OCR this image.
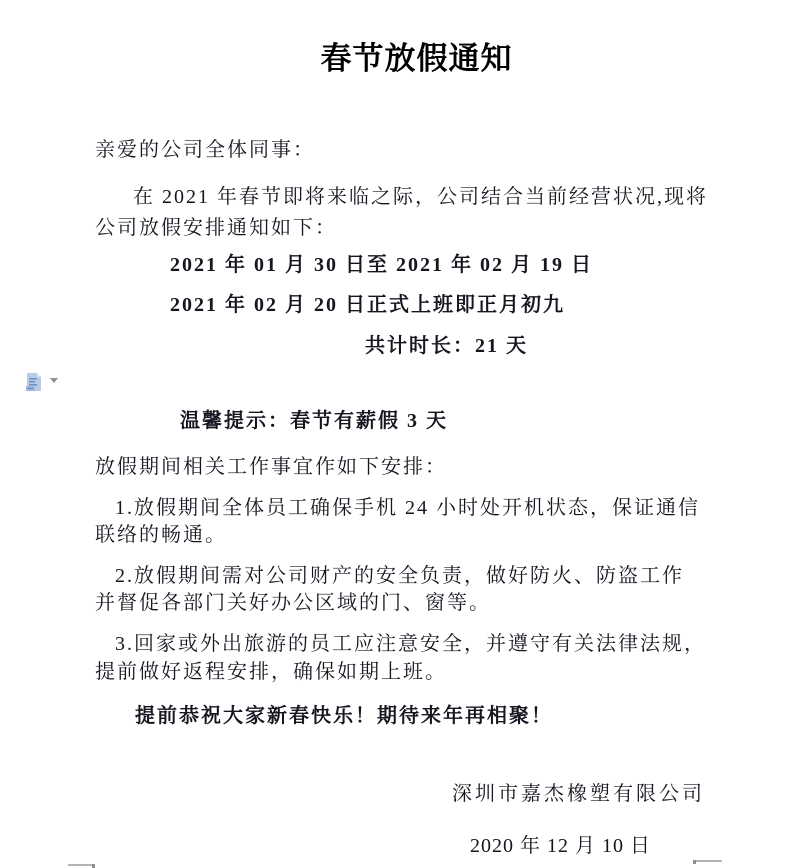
春节放假通知
亲爱的公司全体同事：
在 2021 年春节即将来临之际，公司结合当前经营状况,现将
公司放假安排通知如下：
2021 年 01 月 30 日至 2021 年 02 月 19 日
2021 年 02 月 20 日正式上班即正月初九
共计时长：21 天
温馨提示：春节有薪假 3 天
放假期间相关工作事宜作如下安排：
1.放假期间全体员工确保手机 24 小时处开机状态，保证通信
联络的畅通。
2.放假期间需对公司财产的安全负责，做好防火、防盗工作
并督促各部门关好办公区域的门、窗等。
3.回家或外出旅游的员工应注意安全，并遵守有关法律法规，
提前做好返程安排，确保如期上班。
提前恭祝大家新春快乐！期待来年再相聚！
深圳市嘉杰橡塑有限公司
2020 年 12 月 10 日
